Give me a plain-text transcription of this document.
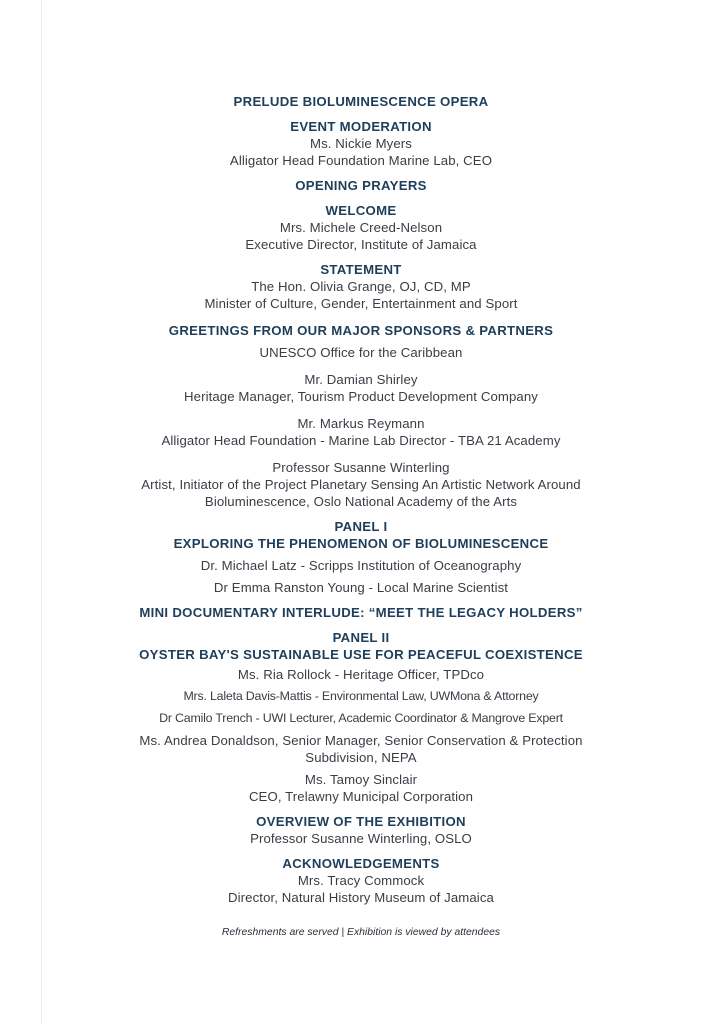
PRELUDE BIOLUMINESCENCE OPERA
EVENT MODERATION
Ms. Nickie Myers
Alligator Head Foundation Marine Lab, CEO
OPENING PRAYERS
WELCOME
Mrs. Michele Creed-Nelson
Executive Director, Institute of Jamaica
STATEMENT
The Hon. Olivia Grange, OJ, CD, MP
Minister of Culture, Gender, Entertainment and Sport
GREETINGS FROM OUR MAJOR SPONSORS & PARTNERS
UNESCO Office for the Caribbean
Mr. Damian Shirley
Heritage Manager, Tourism Product Development Company
Mr. Markus Reymann
Alligator Head Foundation - Marine Lab Director - TBA 21 Academy
Professor Susanne Winterling
Artist, Initiator of the Project Planetary Sensing An Artistic Network Around
Bioluminescence, Oslo National Academy of the Arts
PANEL I
EXPLORING THE PHENOMENON OF BIOLUMINESCENCE
Dr. Michael Latz - Scripps Institution of Oceanography
Dr Emma Ranston Young - Local Marine Scientist
MINI DOCUMENTARY INTERLUDE: “MEET THE LEGACY HOLDERS”
PANEL II
OYSTER BAY'S SUSTAINABLE USE FOR PEACEFUL COEXISTENCE
Ms. Ria Rollock - Heritage Officer, TPDco
Mrs. Laleta Davis-Mattis - Environmental Law, UWMona & Attorney
Dr Camilo Trench - UWI Lecturer, Academic Coordinator & Mangrove Expert
Ms. Andrea Donaldson, Senior Manager, Senior Conservation & Protection
Subdivision, NEPA
Ms. Tamoy Sinclair
CEO, Trelawny Municipal Corporation
OVERVIEW OF THE EXHIBITION
Professor Susanne Winterling, OSLO
ACKNOWLEDGEMENTS
Mrs. Tracy Commock
Director, Natural History Museum of Jamaica
Refreshments are served | Exhibition is viewed by attendees
